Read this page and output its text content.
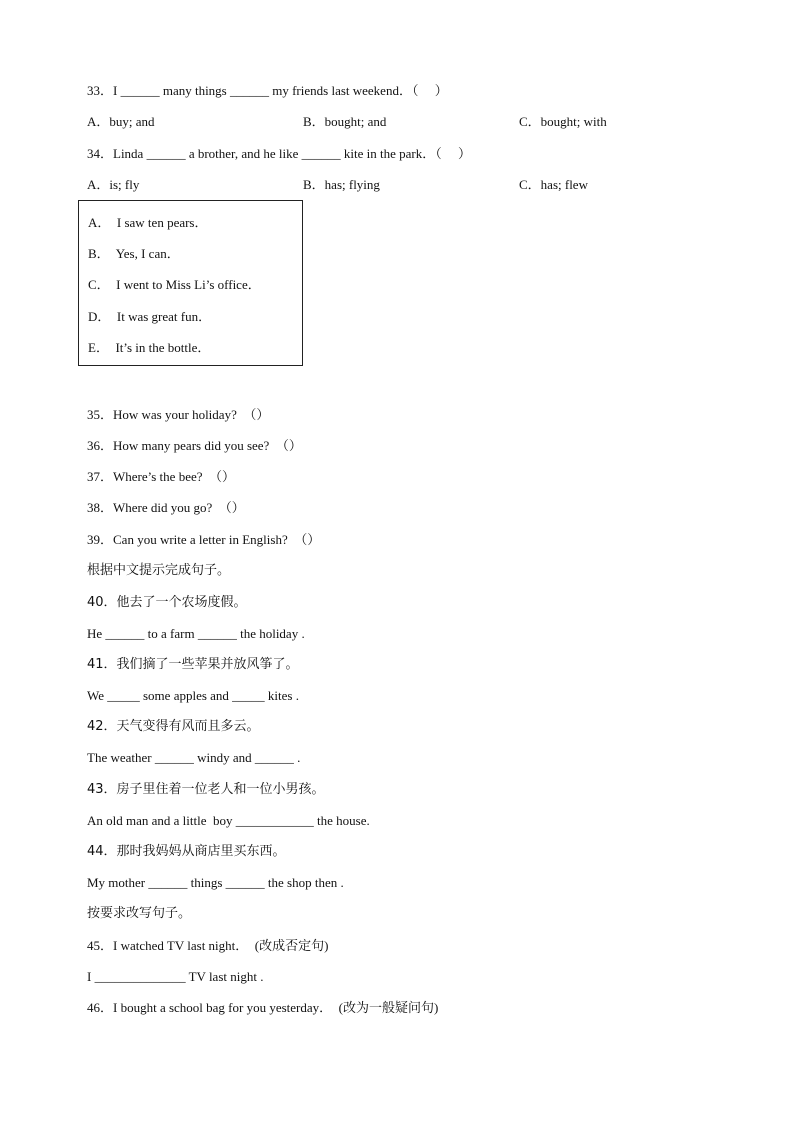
33．I ______ many things ______ my friends last weekend．（　 ）
A．buy; and	B．bought; and	C．bought; with
34．Linda ______ a brother, and he like ______ kite in the park．（　 ）
A．is; fly	B．has; flying	C．has; flew
A．  I saw ten pears．
B．  Yes, I can．
C．  I went to Miss Li’s office．
D．  It was great fun．
E．  It’s in the bottle．
35．How was your holiday?  （）
36．How many pears did you see?  （）
37．Where’s the bee?  （）
38．Where did you go?  （）
39．Can you write a letter in English?  （）
根据中文提示完成句子。
40．他去了一个农场度假。
He ______ to a farm ______ the holiday .
41．我们摘了一些苹果并放风筝了。
We _____ some apples and _____ kites .
42．天气变得有风而且多云。
The weather ______ windy and ______ .
43．房子里住着一位老人和一位小男孩。
An old man and a little  boy ____________ the house.
44．那时我妈妈从商店里买东西。
My mother ______ things ______ the shop then .
按要求改写句子。
45．I watched TV last night．  (改成否定句)
I ______________ TV last night .
46．I bought a school bag for you yesterday．  (改为一般疑问句)
